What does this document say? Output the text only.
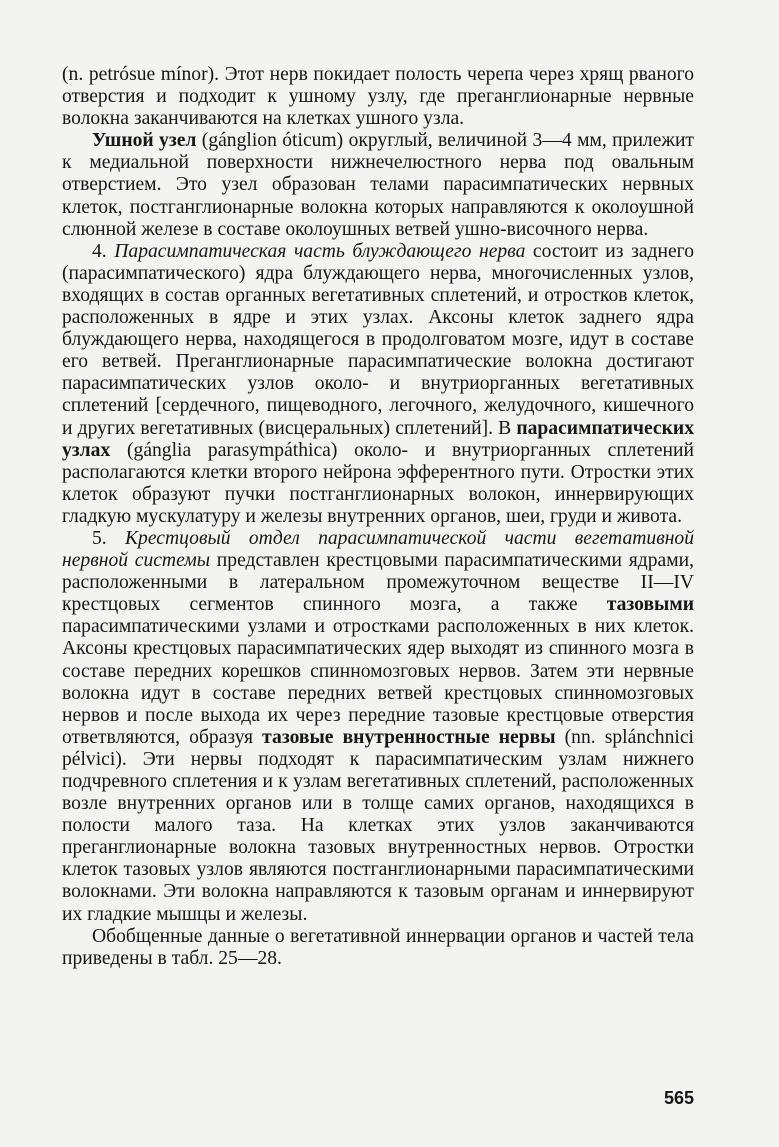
(n. petrósue mínor). Этот нерв покидает полость черепа через хрящ рваного отверстия и подходит к ушному узлу, где преганглионарные нервные волокна заканчиваются на клетках ушного узла.

Ушной узел (gánglion óticum) округлый, величиной 3—4 мм, прилежит к медиальной поверхности нижнечелюстного нерва под овальным отверстием. Это узел образован телами парасимпатических нервных клеток, постганглионарные волокна которых направляются к околоушной слюнной железе в составе околоушных ветвей ушно-височного нерва.

4. Парасимпатическая часть блуждающего нерва состоит из заднего (парасимпатического) ядра блуждающего нерва, многочисленных узлов, входящих в состав органных вегетативных сплетений, и отростков клеток, расположенных в ядре и этих узлах. Аксоны клеток заднего ядра блуждающего нерва, находящегося в продолговатом мозге, идут в составе его ветвей. Преганглионарные парасимпатические волокна достигают парасимпатических узлов около- и внутриорганных вегетативных сплетений [сердечного, пищеводного, легочного, желудочного, кишечного и других вегетативных (висцеральных) сплетений]. В парасимпатических узлах (gánglia parasympáthica) около- и внутриорганных сплетений располагаются клетки второго нейрона эфферентного пути. Отростки этих клеток образуют пучки постганглионарных волокон, иннервирующих гладкую мускулатуру и железы внутренних органов, шеи, груди и живота.

5. Крестцовый отдел парасимпатической части вегетативной нервной системы представлен крестцовыми парасимпатическими ядрами, расположенными в латеральном промежуточном веществе II—IV крестцовых сегментов спинного мозга, а также тазовыми парасимпатическими узлами и отростками расположенных в них клеток. Аксоны крестцовых парасимпатических ядер выходят из спинного мозга в составе передних корешков спинномозговых нервов. Затем эти нервные волокна идут в составе передних ветвей крестцовых спинномозговых нервов и после выхода их через передние тазовые крестцовые отверстия ответвляются, образуя тазовые внутренностные нервы (nn. splánchnici pélvici). Эти нервы подходят к парасимпатическим узлам нижнего подчревного сплетения и к узлам вегетативных сплетений, расположенных возле внутренних органов или в толще самих органов, находящихся в полости малого таза. На клетках этих узлов заканчиваются преганглионарные волокна тазовых внутренностных нервов. Отростки клеток тазовых узлов являются постганглионарными парасимпатическими волокнами. Эти волокна направляются к тазовым органам и иннервируют их гладкие мышцы и железы.

Обобщенные данные о вегетативной иннервации органов и частей тела приведены в табл. 25—28.

565
